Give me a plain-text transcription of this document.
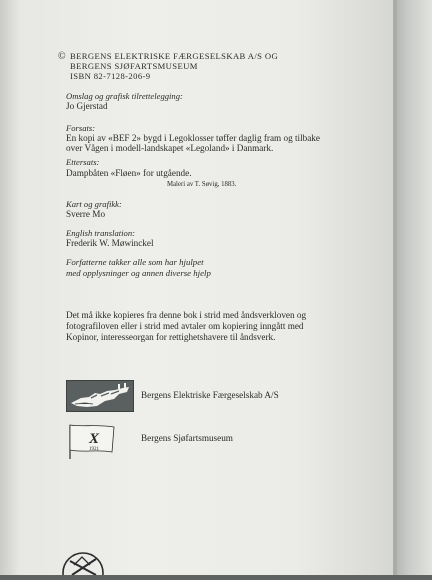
© BERGENS ELEKTRISKE FÆRGESELSKAB A/S OG
BERGENS SJØFARTSMUSEUM
ISBN 82-7128-206-9
Omslag og grafisk tilrettelegging:
Jo Gjerstad
Forsats:
En kopi av «BEF 2» bygd i Legoklosser tøffer daglig fram og tilbake
over Vågen i modell-landskapet «Legoland» i Danmark.
Ettersats:
Dampbåten «Fløen» for utgående.
Maleri av T. Søvig, 1883.
Kart og grafikk:
Sverre Mo
English translation:
Frederik W. Møwinckel
Forfatterne takker alle som har hjulpet
med opplysninger og annen diverse hjelp
Det må ikke kopieres fra denne bok i strid med åndsverkloven og
fotografiloven eller i strid med avtaler om kopiering inngått med
Kopinor, interesseorgan for rettighetshavere til åndsverk.
Bergens Elektriske Færgeselskab A/S
X
1921
Bergens Sjøfartsmuseum
